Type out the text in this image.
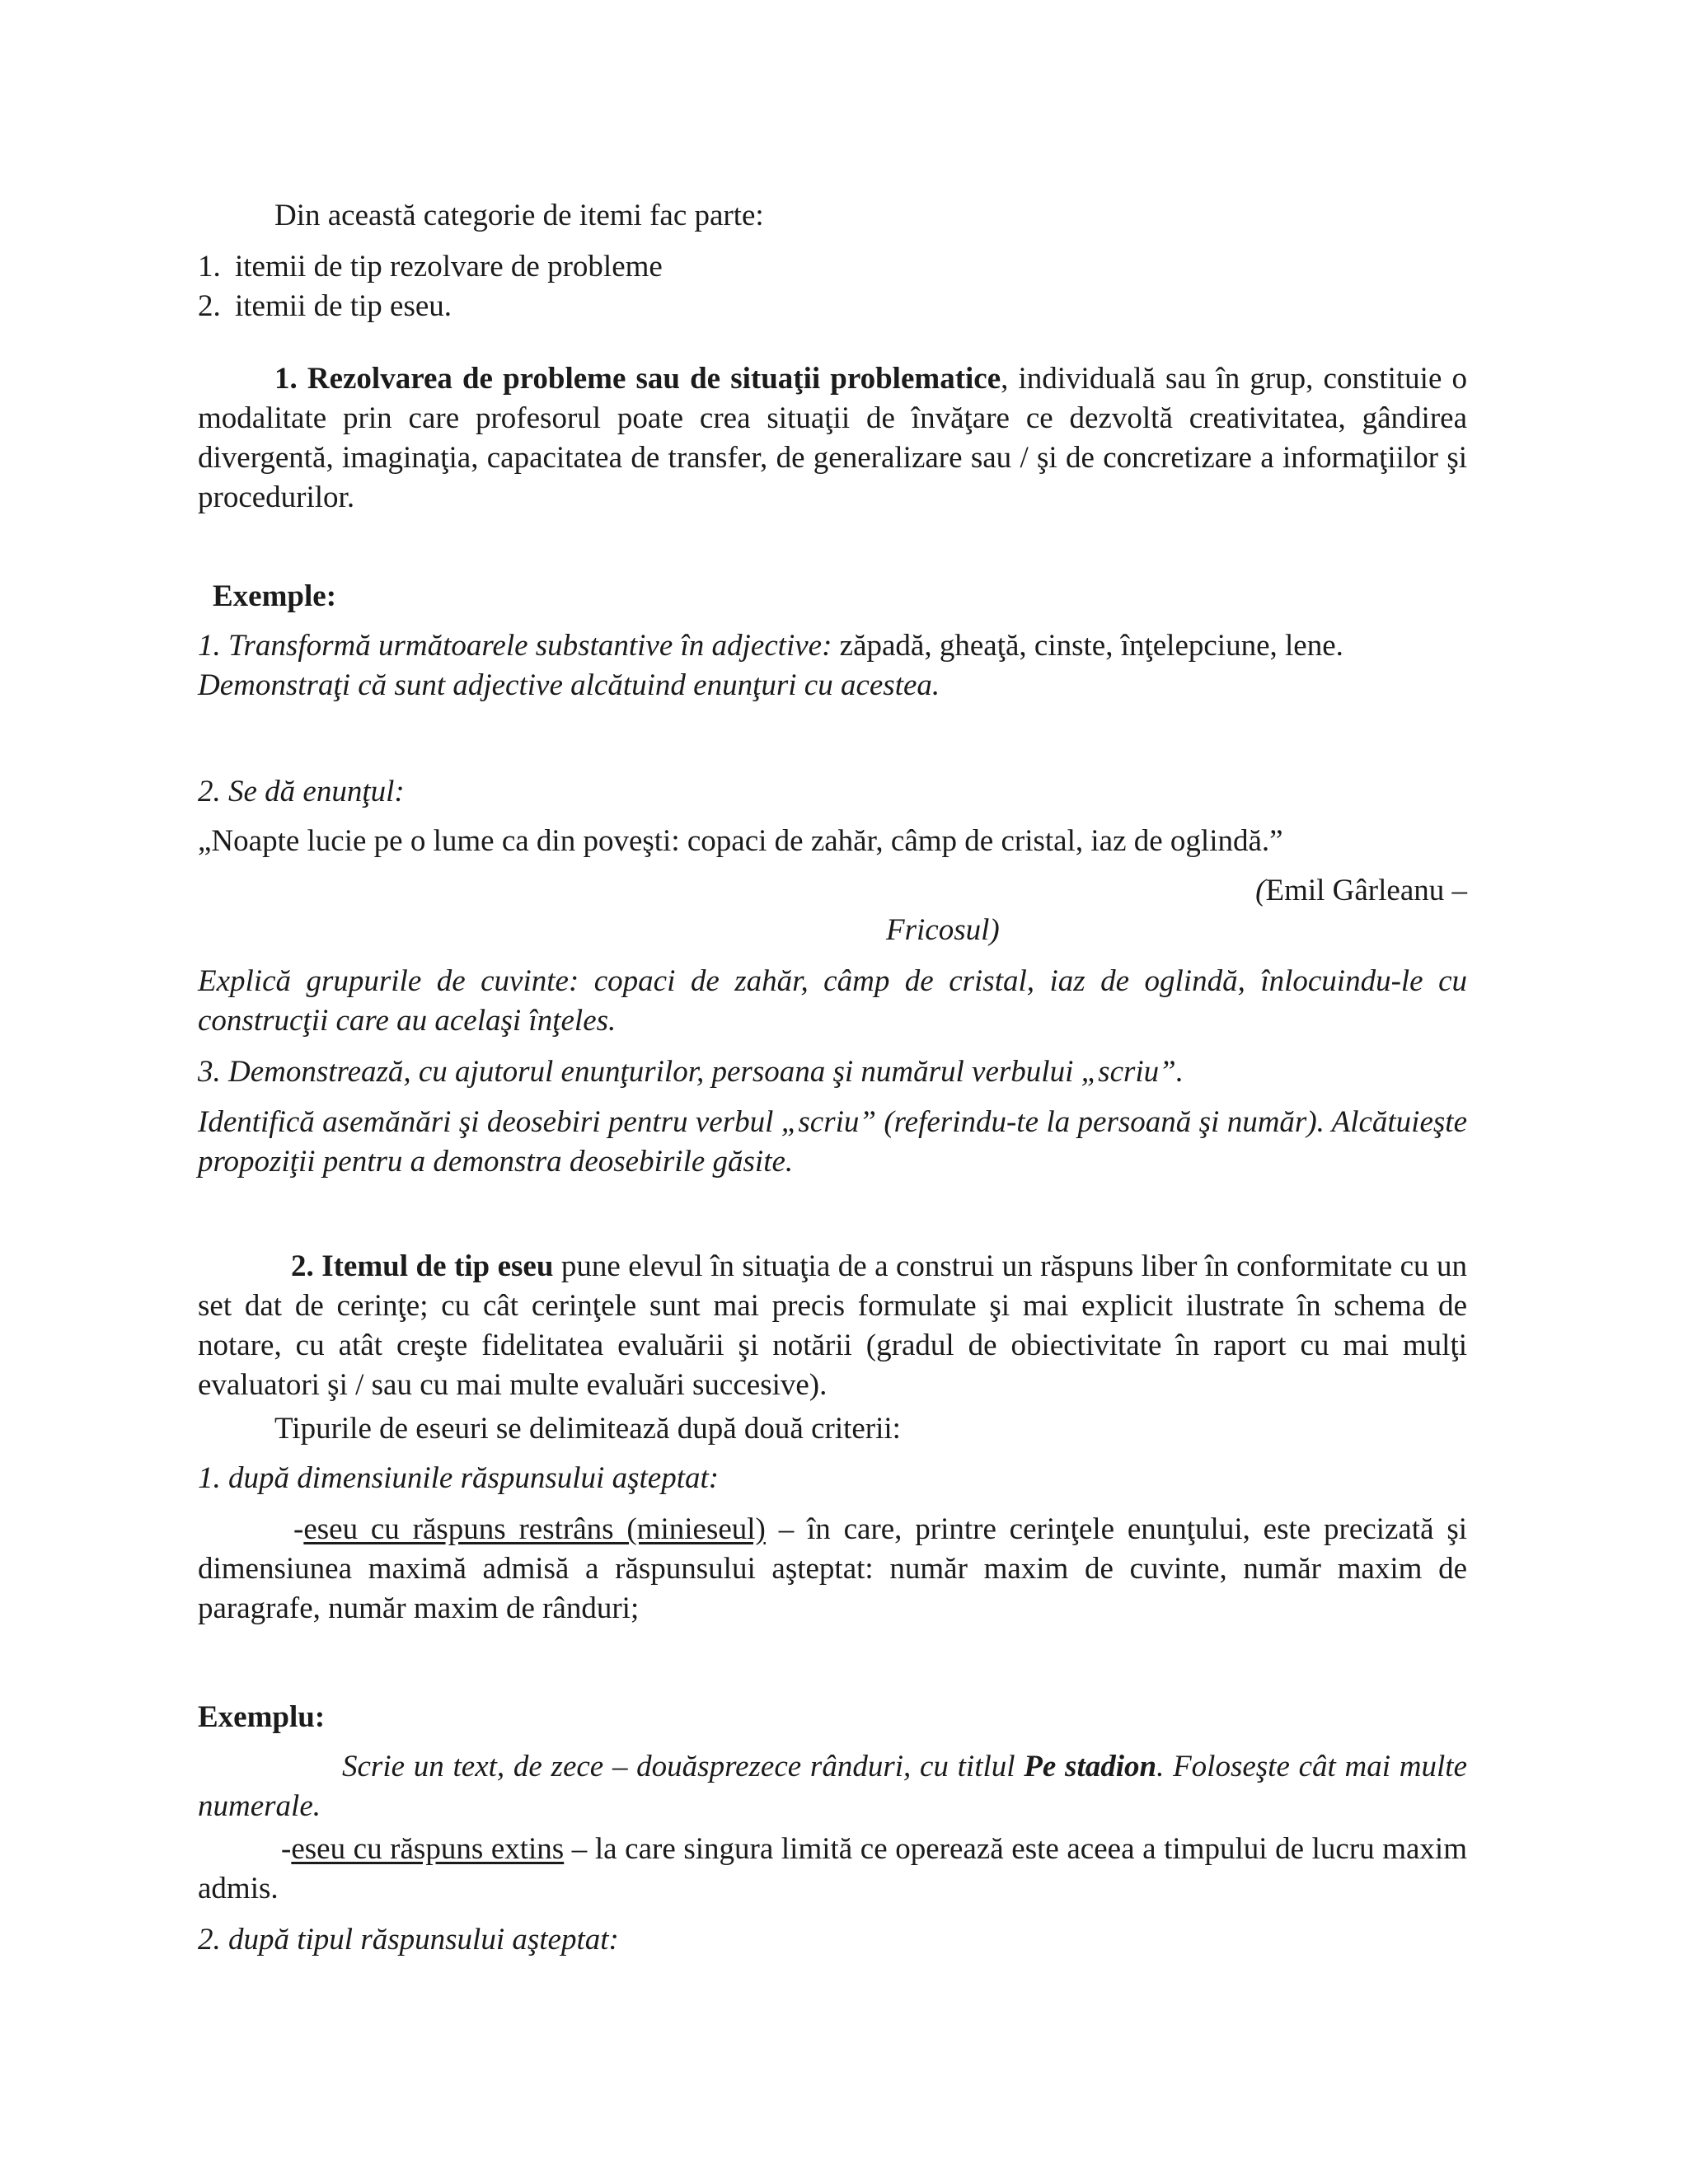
Din această categorie de itemi fac parte:

1. itemii de tip rezolvare de probleme
2. itemii de tip eseu.

1. Rezolvarea de probleme sau de situaţii problematice, individuală sau în grup, constituie o modalitate prin care profesorul poate crea situaţii de învăţare ce dezvoltă creativitatea, gândirea divergentă, imaginaţia, capacitatea de transfer, de generalizare sau / şi de concretizare a informaţiilor şi procedurilor.

Exemple:

1. Transformă următoarele substantive în adjective: zăpadă, gheaţă, cinste, înţelepciune, lene.
Demonstraţi că sunt adjective alcătuind enunţuri cu acestea.

2. Se dă enunţul:

„Noapte lucie pe o lume ca din poveşti: copaci de zahăr, câmp de cristal, iaz de oglindă.”

(Emil Gârleanu –

Fricosul)

Explică grupurile de cuvinte: copaci de zahăr, câmp de cristal, iaz de oglindă, înlocuindu-le cu construcţii care au acelaşi înţeles.

3. Demonstrează, cu ajutorul enunţurilor, persoana şi numărul verbului „scriu”.

Identifică asemănări şi deosebiri pentru verbul „scriu” (referindu-te la persoană şi număr). Alcătuieşte propoziţii pentru a demonstra deosebirile găsite.

2. Itemul de tip eseu pune elevul în situaţia de a construi un răspuns liber în conformitate cu un set dat de cerinţe; cu cât cerinţele sunt mai precis formulate şi mai explicit ilustrate în schema de notare, cu atât creşte fidelitatea evaluării şi notării (gradul de obiectivitate în raport cu mai mulţi evaluatori şi / sau cu mai multe evaluări succesive).

Tipurile de eseuri se delimitează după două criterii:

1. după dimensiunile răspunsului aşteptat:

-eseu cu răspuns restrâns (minieseul) – în care, printre cerinţele enunţului, este precizată şi dimensiunea maximă admisă a răspunsului aşteptat: număr maxim de cuvinte, număr maxim de paragrafe, număr maxim de rânduri;

Exemplu:

Scrie un text, de zece – douăsprezece rânduri, cu titlul Pe stadion. Foloseşte cât mai multe numerale.

-eseu cu răspuns extins – la care singura limită ce operează este aceea a timpului de lucru maxim admis.

2. după tipul răspunsului aşteptat:
